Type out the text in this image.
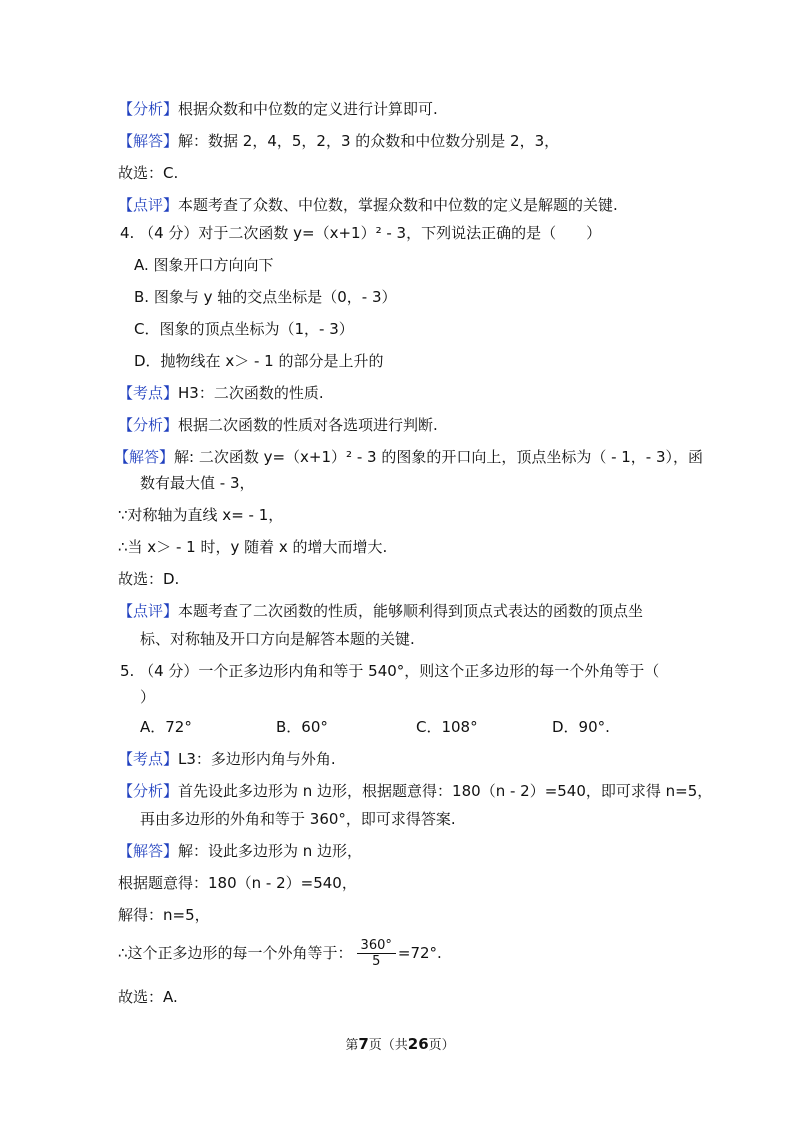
【分析】根据众数和中位数的定义进行计算即可.
【解答】解：数据 2，4，5，2，3 的众数和中位数分别是 2，3，
故选：C.
【点评】本题考查了众数、中位数，掌握众数和中位数的定义是解题的关键.
4. （4 分）对于二次函数 y=（x+1）² - 3，下列说法正确的是（　　）
A. 图象开口方向向下
B. 图象与 y 轴的交点坐标是（0，- 3）
C．图象的顶点坐标为（1，- 3）
D．抛物线在 x＞ - 1 的部分是上升的
【考点】H3：二次函数的性质.
【分析】根据二次函数的性质对各选项进行判断.
【解答】解: 二次函数 y=（x+1）² - 3 的图象的开口向上，顶点坐标为（ - 1，- 3），函
数有最大值 - 3，
∵对称轴为直线 x= - 1，
∴当 x＞ - 1 时，y 随着 x 的增大而增大.
故选：D.
【点评】本题考查了二次函数的性质，能够顺利得到顶点式表达的函数的顶点坐
标、对称轴及开口方向是解答本题的关键.
5. （4 分）一个正多边形内角和等于 540°，则这个正多边形的每一个外角等于（
）
A．72°	B．60°	C．108°	D．90°.
【考点】L3：多边形内角与外角.
【分析】首先设此多边形为 n 边形，根据题意得：180（n - 2）=540，即可求得 n=5，
再由多边形的外角和等于 360°，即可求得答案.
【解答】解：设此多边形为 n 边形，
根据题意得：180（n - 2）=540，
解得：n=5，
∴这个正多边形的每一个外角等于： $\frac{360^\circ}{5} =72^\circ$.
故选：A.
第7页（共26页）
